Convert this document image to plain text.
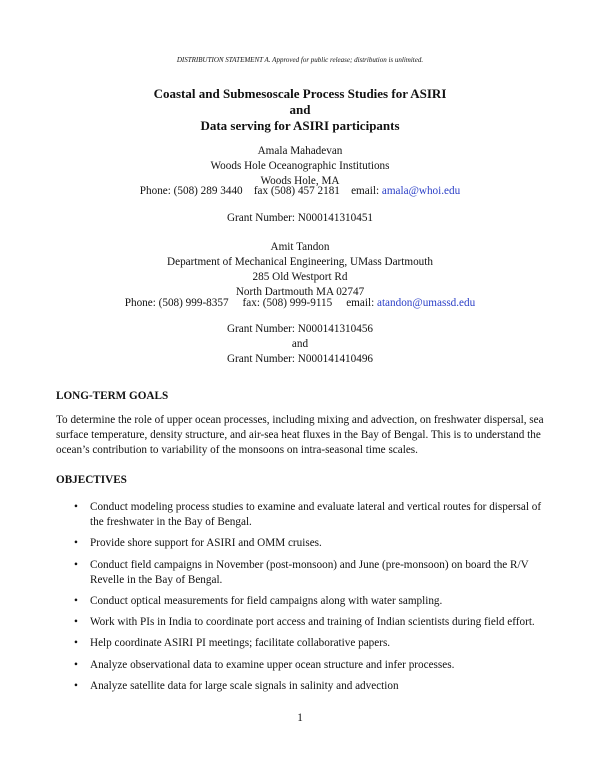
DISTRIBUTION STATEMENT A. Approved for public release; distribution is unlimited.
Coastal and Submesoscale Process Studies for ASIRI
and
Data serving for ASIRI participants
Amala Mahadevan
Woods Hole Oceanographic Institutions
Woods Hole, MA
Phone: (508) 289 3440 fax (508) 457 2181 email: amala@whoi.edu
Grant Number: N000141310451
Amit Tandon
Department of Mechanical Engineering, UMass Dartmouth
285 Old Westport Rd
North Dartmouth MA 02747
Phone: (508) 999-8357 fax: (508) 999-9115 email: atandon@umassd.edu
Grant Number: N000141310456
and
Grant Number: N000141410496
LONG-TERM GOALS
To determine the role of upper ocean processes, including mixing and advection, on freshwater dispersal, sea surface temperature, density structure, and air-sea heat fluxes in the Bay of Bengal. This is to understand the ocean’s contribution to variability of the monsoons on intra-seasonal time scales.
OBJECTIVES
• Conduct modeling process studies to examine and evaluate lateral and vertical routes for dispersal of the freshwater in the Bay of Bengal.
• Provide shore support for ASIRI and OMM cruises.
• Conduct field campaigns in November (post-monsoon) and June (pre-monsoon) on board the R/V Revelle in the Bay of Bengal.
• Conduct optical measurements for field campaigns along with water sampling.
• Work with PIs in India to coordinate port access and training of Indian scientists during field effort.
• Help coordinate ASIRI PI meetings; facilitate collaborative papers.
• Analyze observational data to examine upper ocean structure and infer processes.
• Analyze satellite data for large scale signals in salinity and advection
1
